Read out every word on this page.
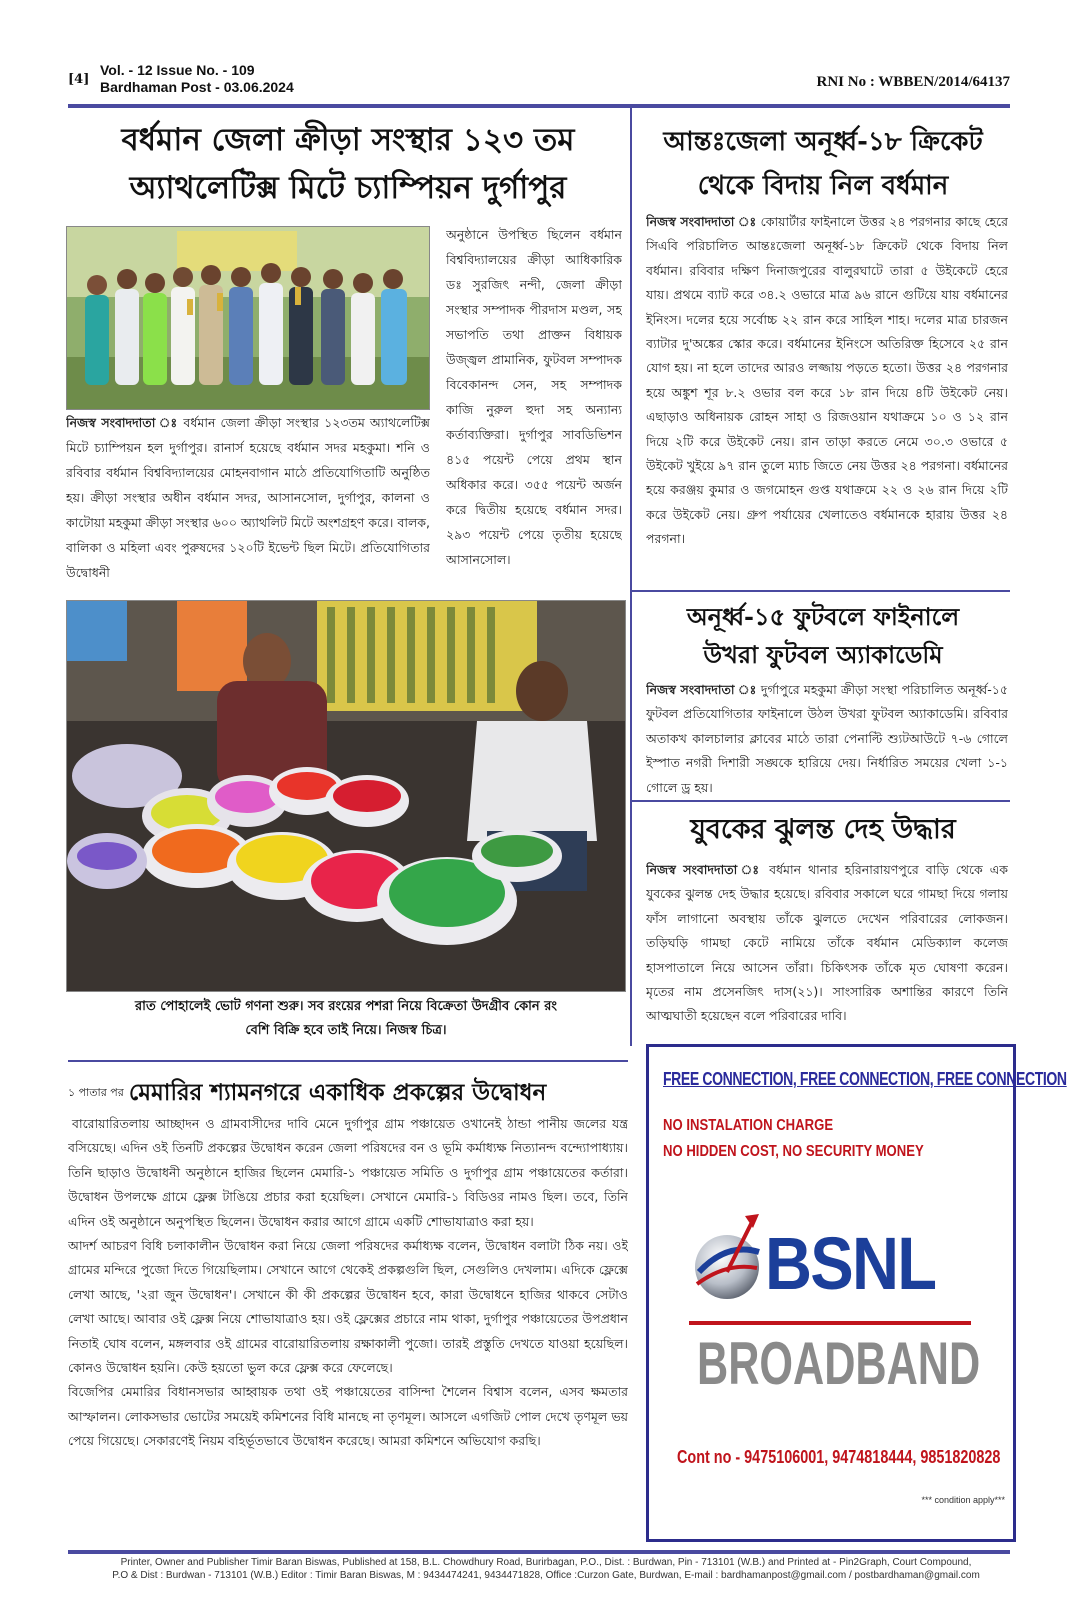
[4]
Vol. - 12 Issue No. - 109
Bardhaman Post - 03.06.2024	RNI No : WBBEN/2014/64137
বর্ধমান জেলা ক্রীড়া সংস্থার ১২৩ তম
অ্যাথলেটিক্স মিটে চ্যাম্পিয়ন দুর্গাপুর
নিজস্ব সংবাদদাতা ঃ বর্ধমান জেলা ক্রীড়া সংস্থার ১২৩তম অ্যাথলেটিক্স মিটে চ্যাম্পিয়ন হল দুর্গাপুর। রানার্স হয়েছে বর্ধমান সদর মহকুমা। শনি ও রবিবার বর্ধমান বিশ্ববিদ্যালয়ের মোহনবাগান মাঠে প্রতিযোগিতাটি অনুষ্ঠিত হয়। ক্রীড়া সংস্থার অধীন বর্ধমান সদর, আসানসোল, দুর্গাপুর, কালনা ও কাটোয়া মহকুমা ক্রীড়া সংস্থার ৬০০ অ্যাথলিট মিটে অংশগ্রহণ করে। বালক, বালিকা ও মহিলা এবং পুরুষদের ১২০টি ইভেন্ট ছিল মিটে। প্রতিযোগিতার উদ্বোধনী
অনুষ্ঠানে উপস্থিত ছিলেন বর্ধমান বিশ্ববিদ্যালয়ের ক্রীড়া আধিকারিক ডঃ সুরজিৎ নন্দী, জেলা ক্রীড়া সংস্থার সম্পাদক পীরদাস মণ্ডল, সহ সভাপতি তথা প্রাক্তন বিধায়ক উজ্জ্বল প্রামানিক, ফুটবল সম্পাদক বিবেকানন্দ সেন, সহ সম্পাদক কাজি নুরুল হুদা সহ অন্যান্য কর্তাব্যক্তিরা। দুর্গাপুর সাবডিভিশন ৪১৫ পয়েন্ট পেয়ে প্রথম স্থান অধিকার করে। ৩৫৫ পয়েন্ট অর্জন করে দ্বিতীয় হয়েছে বর্ধমান সদর। ২৯৩ পয়েন্ট পেয়ে তৃতীয় হয়েছে আসানসোল।
আন্তঃজেলা অনূর্ধ্ব-১৮ ক্রিকেট
থেকে বিদায় নিল বর্ধমান
নিজস্ব সংবাদদাতা ঃ কোয়ার্টার ফাইনালে উত্তর ২৪ পরগনার কাছে হেরে সিএবি পরিচালিত আন্তঃজেলা অনূর্ধ্ব-১৮ ক্রিকেট থেকে বিদায় নিল বর্ধমান। রবিবার দক্ষিণ দিনাজপুরের বালুরঘাটে তারা ৫ উইকেটে হেরে যায়। প্রথমে ব্যাট করে ৩৪.২ ওভারে মাত্র ৯৬ রানে গুটিয়ে যায় বর্ধমানের ইনিংস। দলের হয়ে সর্বোচ্চ ২২ রান করে সাহিল শাহ। দলের মাত্র চারজন ব্যাটার দু'অঙ্কের স্কোর করে। বর্ধমানের ইনিংসে অতিরিক্ত হিসেবে ২৫ রান যোগ হয়। না হলে তাদের আরও লজ্জায় পড়তে হতো। উত্তর ২৪ পরগনার হয়ে অঙ্কুশ শূর ৮.২ ওভার বল করে ১৮ রান দিয়ে ৪টি উইকেট নেয়। এছাড়াও অধিনায়ক রোহন সাহা ও রিজওয়ান যথাক্রমে ১০ ও ১২ রান দিয়ে ২টি করে উইকেট নেয়। রান তাড়া করতে নেমে ৩০.৩ ওভারে ৫ উইকেট খুইয়ে ৯৭ রান তুলে ম্যাচ জিতে নেয় উত্তর ২৪ পরগনা। বর্ধমানের হয়ে করঞ্জয় কুমার ও জগমোহন গুপ্ত যথাক্রমে ২২ ও ২৬ রান দিয়ে ২টি করে উইকেট নেয়। গ্রুপ পর্যায়ের খেলাতেও বর্ধমানকে হারায় উত্তর ২৪ পরগনা।
রাত পোহালেই ভোট গণনা শুরু। সব রংয়ের পশরা নিয়ে বিক্রেতা উদগ্রীব কোন রং
বেশি বিক্রি হবে তাই নিয়ে। নিজস্ব চিত্র।
অনূর্ধ্ব-১৫ ফুটবলে ফাইনালে
উখরা ফুটবল অ্যাকাডেমি
নিজস্ব সংবাদদাতা ঃ দুর্গাপুরে মহকুমা ক্রীড়া সংস্থা পরিচালিত অনূর্ধ্ব-১৫ ফুটবল প্রতিযোগিতার ফাইনালে উঠল উখরা ফুটবল অ্যাকাডেমি। রবিবার অতাকখ কালচালার ক্লাবের মাঠে তারা পেনাল্টি শ্যুটআউটে ৭-৬ গোলে ইস্পাত নগরী দিশারী সঙ্ঘকে হারিয়ে দেয়। নির্ধারিত সময়ের খেলা ১-১ গোলে ড্র হয়।
যুবকের ঝুলন্ত দেহ উদ্ধার
নিজস্ব সংবাদদাতা ঃ বর্ধমান থানার হরিনারায়ণপুরে বাড়ি থেকে এক যুবকের ঝুলন্ত দেহ উদ্ধার হয়েছে। রবিবার সকালে ঘরে গামছা দিয়ে গলায় ফাঁস লাগানো অবস্থায় তাঁকে ঝুলতে দেখেন পরিবারের লোকজন। তড়িঘড়ি গামছা কেটে নামিয়ে তাঁকে বর্ধমান মেডিক্যাল কলেজ হাসপাতালে নিয়ে আসেন তাঁরা। চিকিৎসক তাঁকে মৃত ঘোষণা করেন। মৃতের নাম প্রসেনজিৎ দাস(২১)। সাংসারিক অশান্তির কারণে তিনি আত্মঘাতী হয়েছেন বলে পরিবারের দাবি।
১ পাতার পর মেমারির শ্যামনগরে একাধিক প্রকল্পের উদ্বোধন

বারোয়ারিতলায় আচ্ছাদন ও গ্রামবাসীদের দাবি মেনে দুর্গাপুর গ্রাম পঞ্চায়েত ওখানেই ঠান্ডা পানীয় জলের যন্ত্র বসিয়েছে। এদিন ওই তিনটি প্রকল্পের উদ্বোধন করেন জেলা পরিষদের বন ও ভূমি কর্মাধ্যক্ষ নিত্যানন্দ বন্দ্যোপাধ্যায়। তিনি ছাড়াও উদ্বোধনী অনুষ্ঠানে হাজির ছিলেন মেমারি-১ পঞ্চায়েত সমিতি ও দুর্গাপুর গ্রাম পঞ্চায়েতের কর্তারা। উদ্বোধন উপলক্ষে গ্রামে ফ্লেক্স টাঙিয়ে প্রচার করা হয়েছিল। সেখানে মেমারি-১ বিডিওর নামও ছিল। তবে, তিনি এদিন ওই অনুষ্ঠানে অনুপস্থিত ছিলেন। উদ্বোধন করার আগে গ্রামে একটি শোভাযাত্রাও করা হয়।

আদর্শ আচরণ বিধি চলাকালীন উদ্বোধন করা নিয়ে জেলা পরিষদের কর্মাধ্যক্ষ বলেন, উদ্বোধন বলাটা ঠিক নয়। ওই গ্রামের মন্দিরে পুজো দিতে গিয়েছিলাম। সেখানে আগে থেকেই প্রকল্পগুলি ছিল, সেগুলিও দেখলাম। এদিকে ফ্লেক্সে লেখা আছে, '২রা জুন উদ্বোধন'। সেখানে কী কী প্রকল্পের উদ্বোধন হবে, কারা উদ্বোধনে হাজির থাকবে সেটাও লেখা আছে। আবার ওই ফ্লেক্স নিয়ে শোভাযাত্রাও হয়। ওই ফ্লেক্সের প্রচারে নাম থাকা, দুর্গাপুর পঞ্চায়েতের উপপ্রধান নিতাই ঘোষ বলেন, মঙ্গলবার ওই গ্রামের বারোয়ারিতলায় রক্ষাকালী পুজো। তারই প্রস্তুতি দেখতে যাওয়া হয়েছিল। কোনও উদ্বোধন হয়নি। কেউ হয়তো ভুল করে ফ্লেক্স করে ফেলেছে।

বিজেপির মেমারির বিধানসভার আহ্বায়ক তথা ওই পঞ্চায়েতের বাসিন্দা শৈলেন বিশ্বাস বলেন, এসব ক্ষমতার আস্ফালন। লোকসভার ভোটের সময়েই কমিশনের বিধি মানছে না তৃণমূল। আসলে এগজিট পোল দেখে তৃণমূল ভয় পেয়ে গিয়েছে। সেকারণেই নিয়ম বহির্ভূতভাবে উদ্বোধন করেছে। আমরা কমিশনে অভিযোগ করছি।

FREE CONNECTION, FREE CONNECTION, FREE CONNECTION
NO INSTALATION CHARGE
NO HIDDEN COST, NO SECURITY MONEY
BSNL
BROADBAND
Cont no - 9475106001, 9474818444, 9851820828
*** condition apply***
Printer, Owner and Publisher Timir Baran Biswas, Published at 158, B.L. Chowdhury Road, Burirbagan, P.O., Dist. : Burdwan, Pin - 713101 (W.B.) and Printed at - Pin2Graph, Court Compound,
P.O & Dist : Burdwan - 713101 (W.B.) Editor : Timir Baran Biswas, M : 9434474241, 9434471828, Office :Curzon Gate, Burdwan, E-mail : bardhamanpost@gmail.com / postbardhaman@gmail.com
